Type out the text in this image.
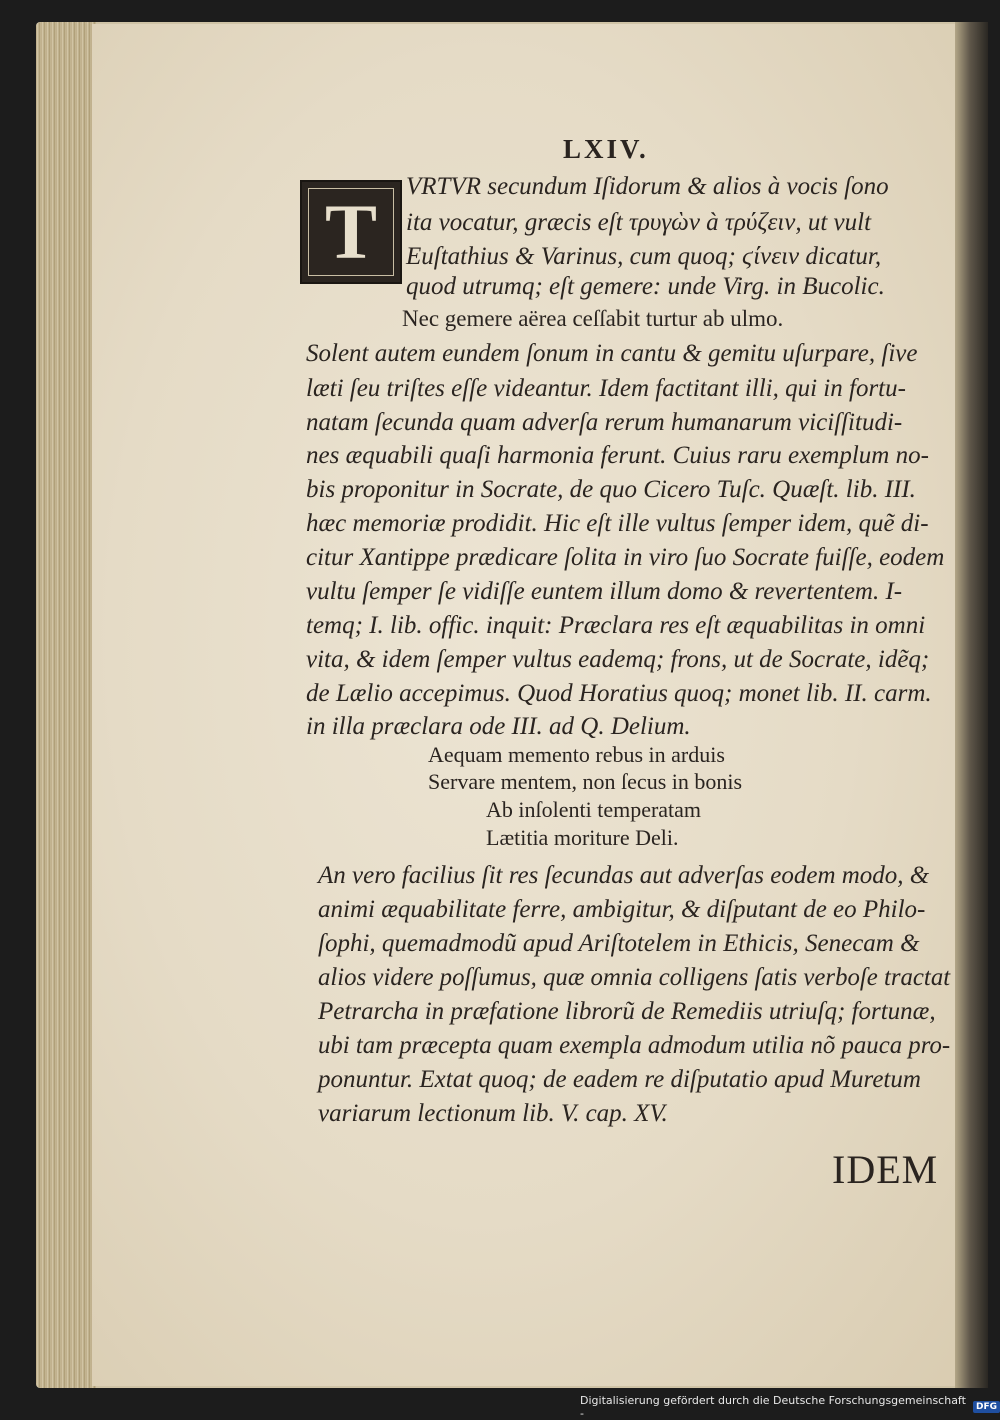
LXIV.
T
VRTVR secundum Iſidorum & alios à vocis ſono
ita vocatur, græcis eſt τρυγὼν à τρύζειν, ut vult
Euſtathius & Varinus, cum quoq; ϛίνειν dicatur,
quod utrumq; eſt gemere: unde Virg. in Bucolic.
Nec gemere aërea ceſſabit turtur ab ulmo.
Solent autem eundem ſonum in cantu & gemitu uſurpare, ſive
læti ſeu triſtes eſſe videantur. Idem factitant illi, qui in fortu-
natam ſecunda quam adverſa rerum humanarum viciſſitudi-
nes æquabili quaſi harmonia ferunt. Cuius raru exemplum no-
bis proponitur in Socrate, de quo Cicero Tuſc. Quæſt. lib. III.
hæc memoriæ prodidit. Hic eſt ille vultus ſemper idem, quẽ di-
citur Xantippe prædicare ſolita in viro ſuo Socrate fuiſſe, eodem
vultu ſemper ſe vidiſſe euntem illum domo & revertentem. I-
temq; I. lib. offic. inquit: Præclara res eſt æquabilitas in omni
vita, & idem ſemper vultus eademq; frons, ut de Socrate, idẽq;
de Lælio accepimus. Quod Horatius quoq; monet lib. II. carm.
in illa præclara ode III. ad Q. Delium.
Aequam memento rebus in arduis
Servare mentem, non ſecus in bonis
Ab inſolenti temperatam
Lætitia moriture Deli.
An vero facilius ſit res ſecundas aut adverſas eodem modo, &
animi æquabilitate ferre, ambigitur, & diſputant de eo Philo-
ſophi, quemadmodũ apud Ariſtotelem in Ethicis, Senecam &
alios videre poſſumus, quæ omnia colligens ſatis verboſe tractat
Petrarcha in præfatione librorũ de Remediis utriuſq; fortunæ,
ubi tam præcepta quam exempla admodum utilia nõ pauca pro-
ponuntur. Extat quoq; de eadem re diſputatio apud Muretum
variarum lectionum lib. V. cap. XV.
IDEM
Digitalisierung gefördert durch die Deutsche Forschungsgemeinschaft -	DFG
